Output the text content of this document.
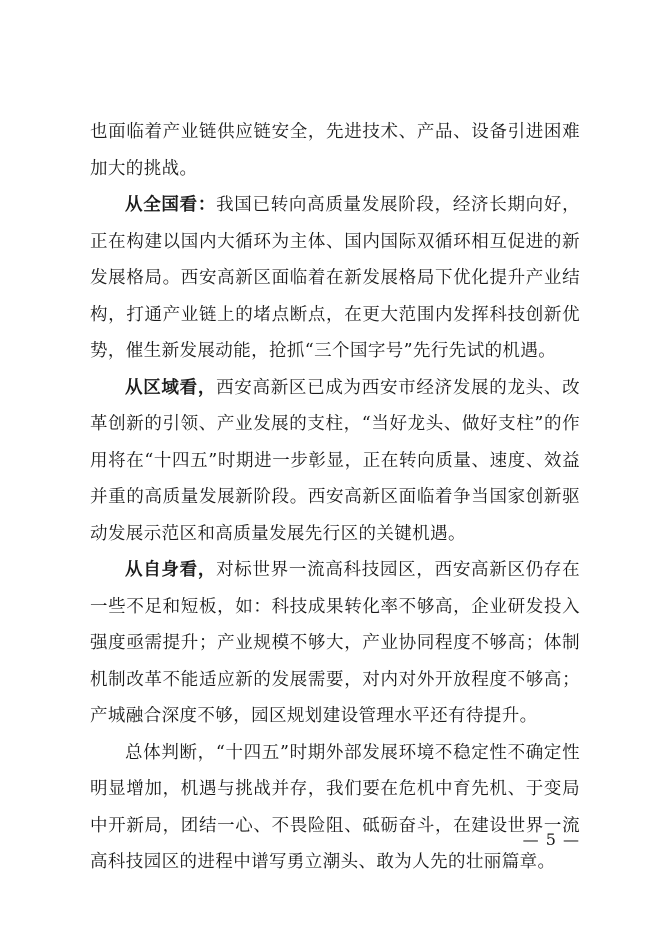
也面临着产业链供应链安全，先进技术、产品、设备引进困难加大的挑战。

从全国看：我国已转向高质量发展阶段，经济长期向好，正在构建以国内大循环为主体、国内国际双循环相互促进的新发展格局。西安高新区面临着在新发展格局下优化提升产业结构，打通产业链上的堵点断点，在更大范围内发挥科技创新优势，催生新发展动能，抢抓“三个国字号”先行先试的机遇。

从区域看，西安高新区已成为西安市经济发展的龙头、改革创新的引领、产业发展的支柱，“当好龙头、做好支柱”的作用将在“十四五”时期进一步彰显，正在转向质量、速度、效益并重的高质量发展新阶段。西安高新区面临着争当国家创新驱动发展示范区和高质量发展先行区的关键机遇。

从自身看，对标世界一流高科技园区，西安高新区仍存在一些不足和短板，如：科技成果转化率不够高，企业研发投入强度亟需提升；产业规模不够大，产业协同程度不够高；体制机制改革不能适应新的发展需要，对内对外开放程度不够高；产城融合深度不够，园区规划建设管理水平还有待提升。

总体判断，“十四五”时期外部发展环境不稳定性不确定性明显增加，机遇与挑战并存，我们要在危机中育先机、于变局中开新局，团结一心、不畏险阻、砥砺奋斗，在建设世界一流高科技园区的进程中谱写勇立潮头、敢为人先的壮丽篇章。

— 5 —
